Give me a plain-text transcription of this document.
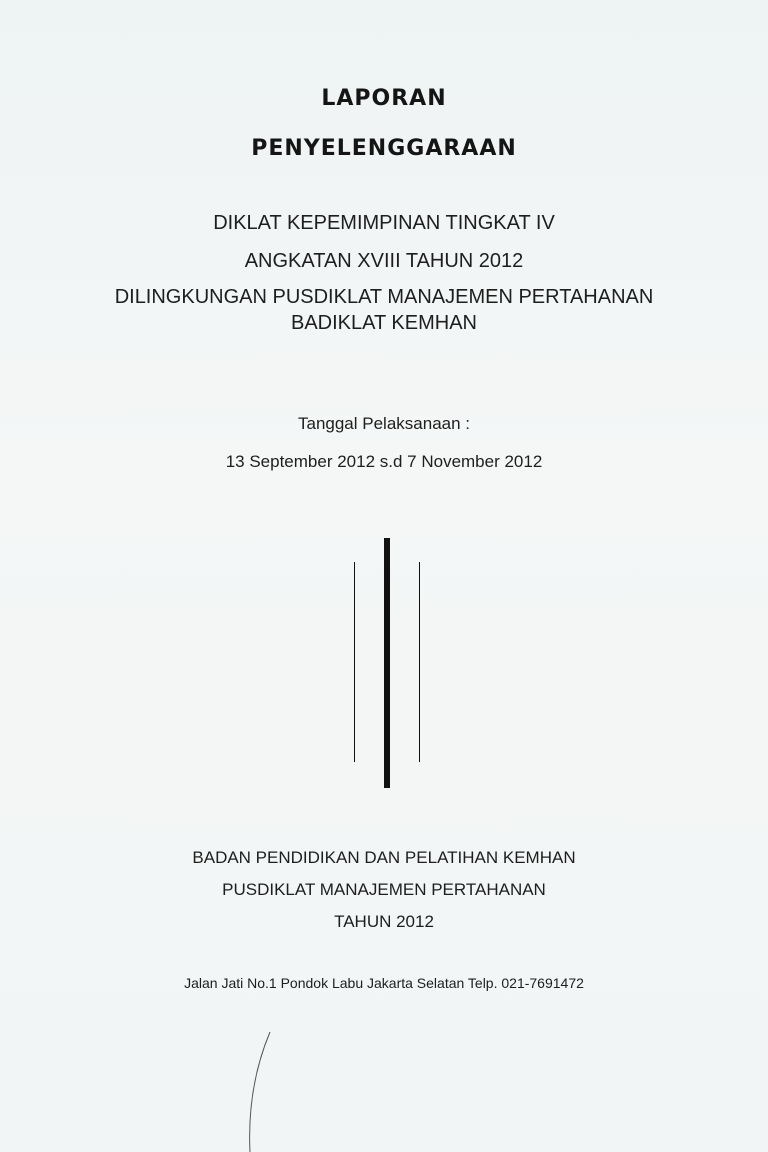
LAPORAN
PENYELENGGARAAN
DIKLAT KEPEMIMPINAN TINGKAT IV
ANGKATAN XVIII TAHUN 2012
DILINGKUNGAN PUSDIKLAT MANAJEMEN PERTAHANAN
BADIKLAT KEMHAN
Tanggal Pelaksanaan :
13 September 2012 s.d 7 November 2012
BADAN PENDIDIKAN DAN PELATIHAN KEMHAN
PUSDIKLAT MANAJEMEN PERTAHANAN
TAHUN 2012
Jalan Jati No.1 Pondok Labu Jakarta Selatan Telp. 021-7691472
